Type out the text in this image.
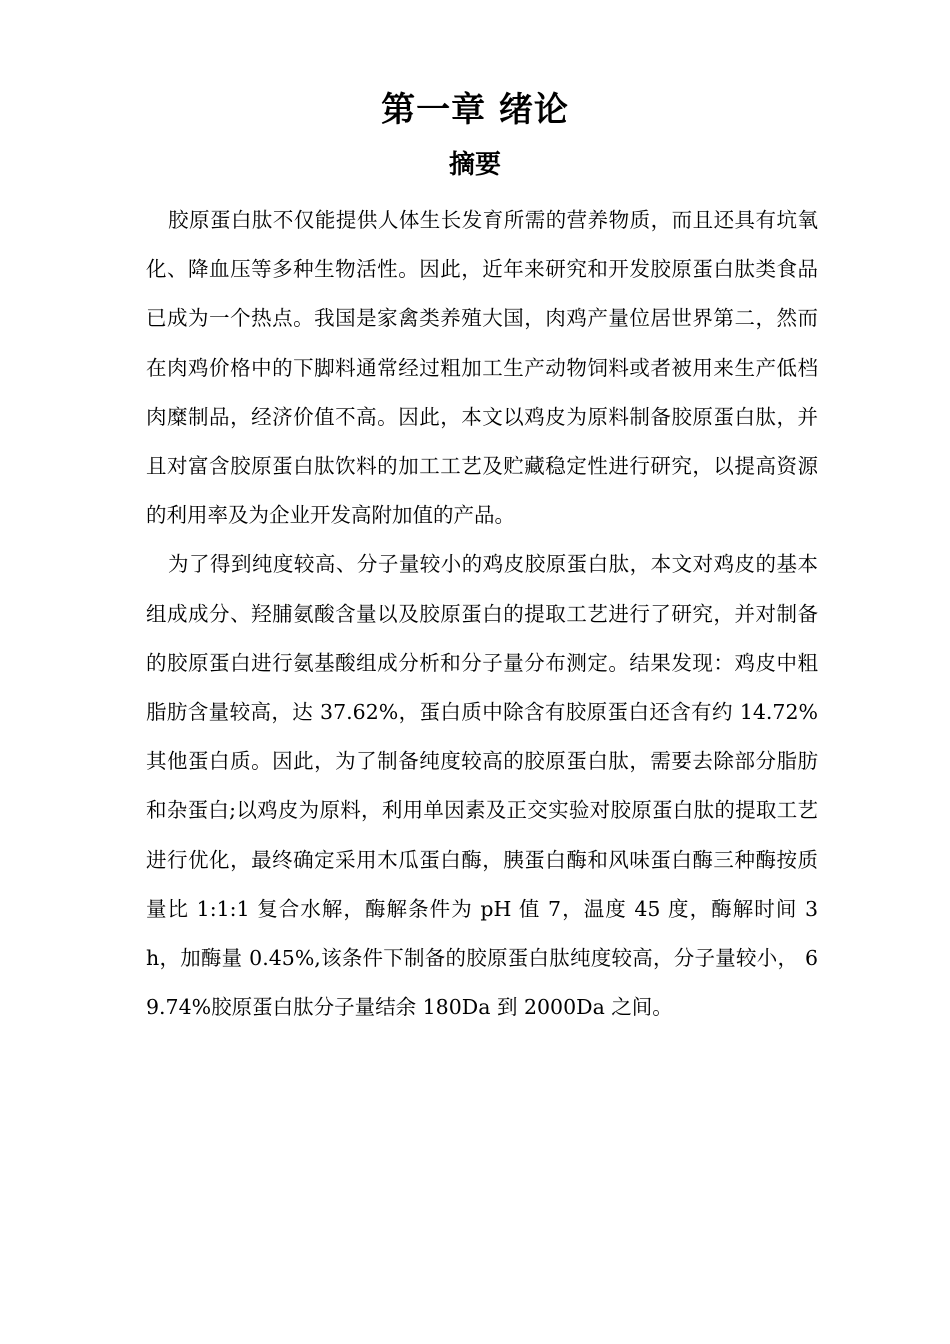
第一章 绪论
摘要

胶原蛋白肽不仅能提供人体生长发育所需的营养物质，而且还具有坑氧化、降血压等多种生物活性。因此，近年来研究和开发胶原蛋白肽类食品已成为一个热点。我国是家禽类养殖大国，肉鸡产量位居世界第二，然而在肉鸡价格中的下脚料通常经过粗加工生产动物饲料或者被用来生产低档肉糜制品，经济价值不高。因此，本文以鸡皮为原料制备胶原蛋白肽，并且对富含胶原蛋白肽饮料的加工工艺及贮藏稳定性进行研究，以提高资源的利用率及为企业开发高附加值的产品。

为了得到纯度较高、分子量较小的鸡皮胶原蛋白肽，本文对鸡皮的基本组成成分、羟脯氨酸含量以及胶原蛋白的提取工艺进行了研究，并对制备的胶原蛋白进行氨基酸组成分析和分子量分布测定。结果发现：鸡皮中粗脂肪含量较高，达 37.62%，蛋白质中除含有胶原蛋白还含有约 14.72%其他蛋白质。因此，为了制备纯度较高的胶原蛋白肽，需要去除部分脂肪和杂蛋白;以鸡皮为原料，利用单因素及正交实验对胶原蛋白肽的提取工艺进行优化，最终确定采用木瓜蛋白酶，胰蛋白酶和风味蛋白酶三种酶按质量比 1:1:1 复合水解，酶解条件为 pH 值 7，温度 45 度，酶解时间 3h，加酶量 0.45%,该条件下制备的胶原蛋白肽纯度较高，分子量较小， 69.74%胶原蛋白肽分子量结余 180Da 到 2000Da 之间。
